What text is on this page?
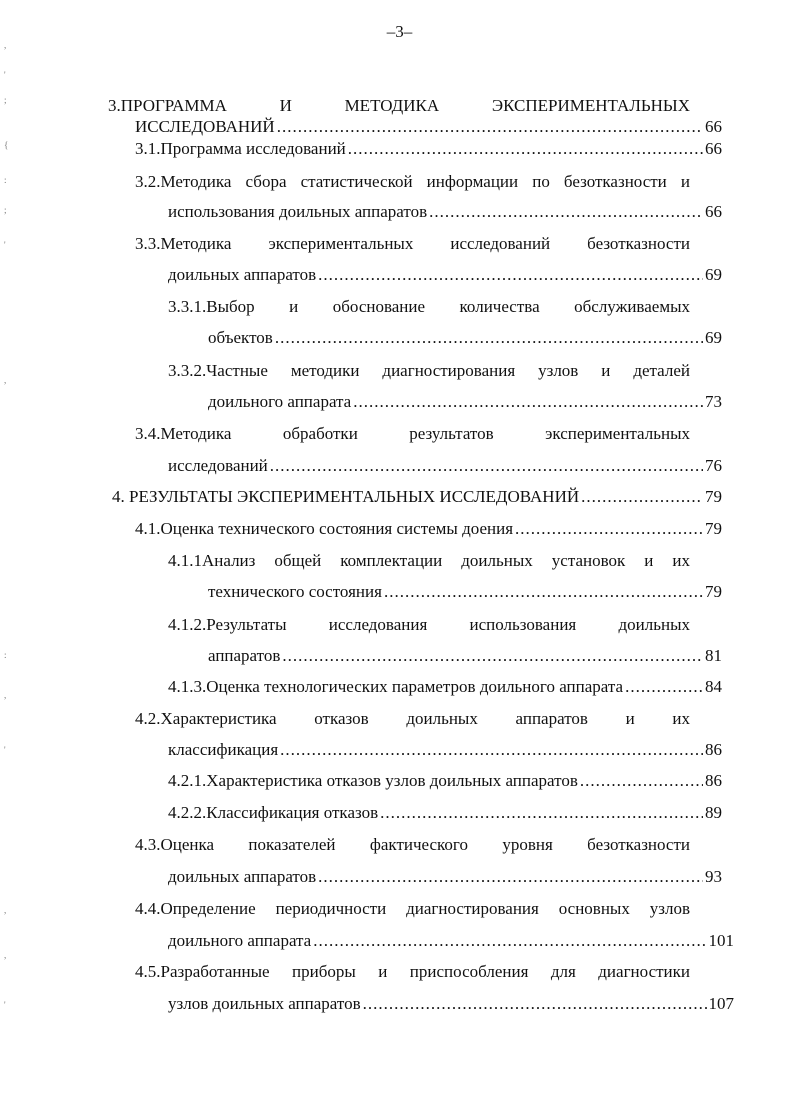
–3–
,
'
;
{
:
;
'
,
:
,
'
,
,
'
3.ПРОГРАММА И МЕТОДИКА ЭКСПЕРИМЕНТАЛЬНЫХ
ИССЛЕДОВАНИЙ .....	66
3.1.Программа исследований .....	66
3.2.Методика сбора статистической информации по безотказности и
использования доильных аппаратов .....	66
3.3.Методика экспериментальных исследований безотказности
доильных аппаратов .....	69
3.3.1.Выбор и обоснование количества обслуживаемых
объектов .....	69
3.3.2.Частные методики диагностирования узлов и деталей
доильного аппарата .....	73
3.4.Методика обработки результатов экспериментальных
исследований .....	76
4. РЕЗУЛЬТАТЫ ЭКСПЕРИМЕНТАЛЬНЫХ ИССЛЕДОВАНИЙ .....	79
4.1.Оценка технического состояния системы доения .....	79
4.1.1Анализ общей комплектации доильных установок и их
технического состояния .....	79
4.1.2.Результаты исследования использования доильных
аппаратов .....	81
4.1.3.Оценка технологических параметров доильного аппарата .....	84
4.2.Характеристика отказов доильных аппаратов и их
классификация .....	86
4.2.1.Характеристика отказов узлов доильных аппаратов .....	86
4.2.2.Классификация отказов .....	89
4.3.Оценка показателей фактического уровня безотказности
доильных аппаратов .....	93
4.4.Определение периодичности диагностирования основных узлов
доильного аппарата .....	101
4.5.Разработанные приборы и приспособления для диагностики
узлов доильных аппаратов .....	107
